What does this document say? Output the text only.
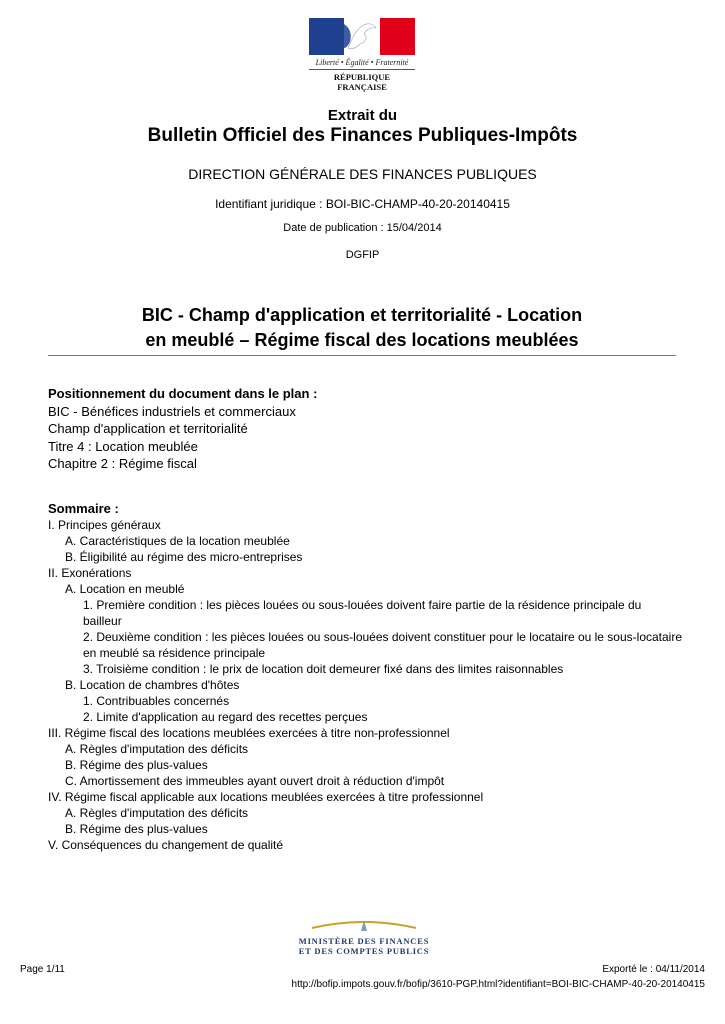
Liberté • Égalité • Fraternité
RÉPUBLIQUE FRANÇAISE
Extrait du
Bulletin Officiel des Finances Publiques-Impôts
DIRECTION GÉNÉRALE DES FINANCES PUBLIQUES
Identifiant juridique : BOI-BIC-CHAMP-40-20-20140415
Date de publication : 15/04/2014
DGFIP
BIC - Champ d'application et territorialité - Location
en meublé – Régime fiscal des locations meublées
Positionnement du document dans le plan :
BIC - Bénéfices industriels et commerciaux
Champ d'application et territorialité
Titre 4 : Location meublée
Chapitre 2 : Régime fiscal
Sommaire :
I. Principes généraux
A. Caractéristiques de la location meublée
B. Éligibilité au régime des micro-entreprises
II. Exonérations
A. Location en meublé
1. Première condition : les pièces louées ou sous-louées doivent faire partie de la résidence principale du bailleur
2. Deuxième condition : les pièces louées ou sous-louées doivent constituer pour le locataire ou le sous-locataire en meublé sa résidence principale
3. Troisième condition : le prix de location doit demeurer fixé dans des limites raisonnables
B. Location de chambres d'hôtes
1. Contribuables concernés
2. Limite d'application au regard des recettes perçues
III. Régime fiscal des locations meublées exercées à titre non-professionnel
A. Règles d'imputation des déficits
B. Régime des plus-values
C. Amortissement des immeubles ayant ouvert droit à réduction d'impôt
IV. Régime fiscal applicable aux locations meublées exercées à titre professionnel
A. Règles d'imputation des déficits
B. Régime des plus-values
V. Conséquences du changement de qualité
MINISTÈRE DES FINANCES
ET DES COMPTES PUBLICS
Page 1/11	Exporté le : 04/11/2014
http://bofip.impots.gouv.fr/bofip/3610-PGP.html?identifiant=BOI-BIC-CHAMP-40-20-20140415
